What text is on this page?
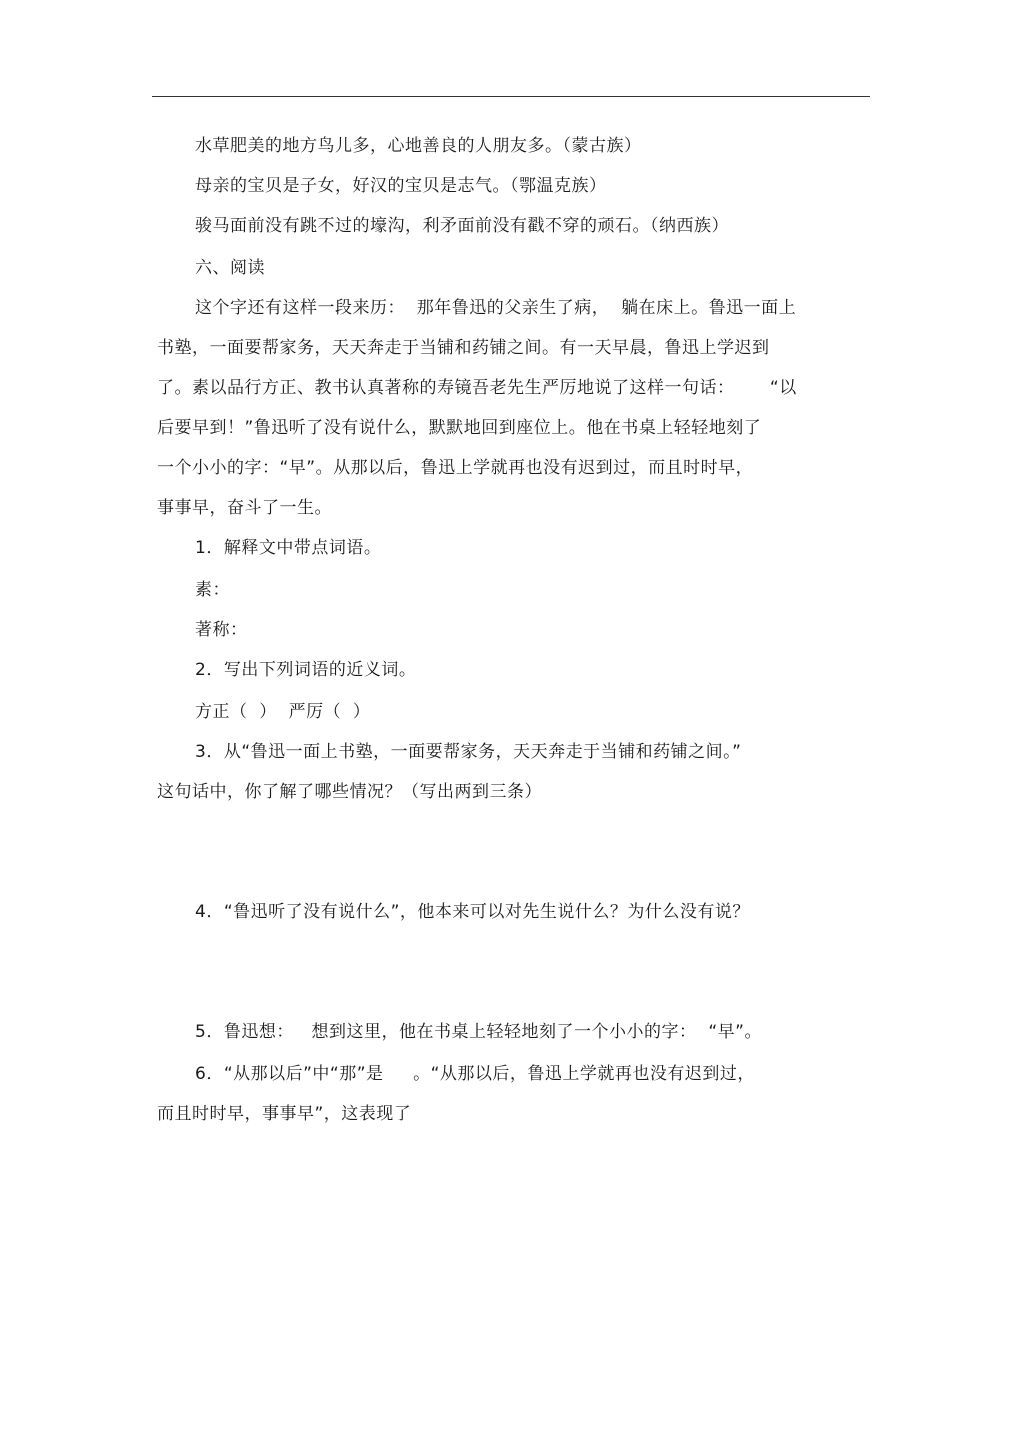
水草肥美的地方鸟儿多，心地善良的人朋友多。（蒙古族）
母亲的宝贝是子女，好汉的宝贝是志气。（鄂温克族）
骏马面前没有跳不过的壕沟，利矛面前没有戳不穿的顽石。（纳西族）
六、阅读
这个字还有这样一段来历：  那年鲁迅的父亲生了病，  躺在床上。鲁迅一面上
书塾，一面要帮家务，天天奔走于当铺和药铺之间。有一天早晨，鲁迅上学迟到
了。素以品行方正、教书认真著称的寿镜吾老先生严厉地说了这样一句话：      “以
后要早到！”鲁迅听了没有说什么，默默地回到座位上。他在书桌上轻轻地刻了
一个小小的字：“早”。从那以后，鲁迅上学就再也没有迟到过，而且时时早，
事事早，奋斗了一生。
1．解释文中带点词语。
素：
著称：
2．写出下列词语的近义词。
方正（  ）  严厉（  ）
3．从“鲁迅一面上书塾，一面要帮家务，天天奔走于当铺和药铺之间。”
这句话中，你了解了哪些情况？（写出两到三条）
4．“鲁迅听了没有说什么”，他本来可以对先生说什么？为什么没有说？
5．鲁迅想：   想到这里，他在书桌上轻轻地刻了一个小小的字：  “早”。
6．“从那以后”中“那”是     。“从那以后，鲁迅上学就再也没有迟到过，
而且时时早，事事早”，这表现了
